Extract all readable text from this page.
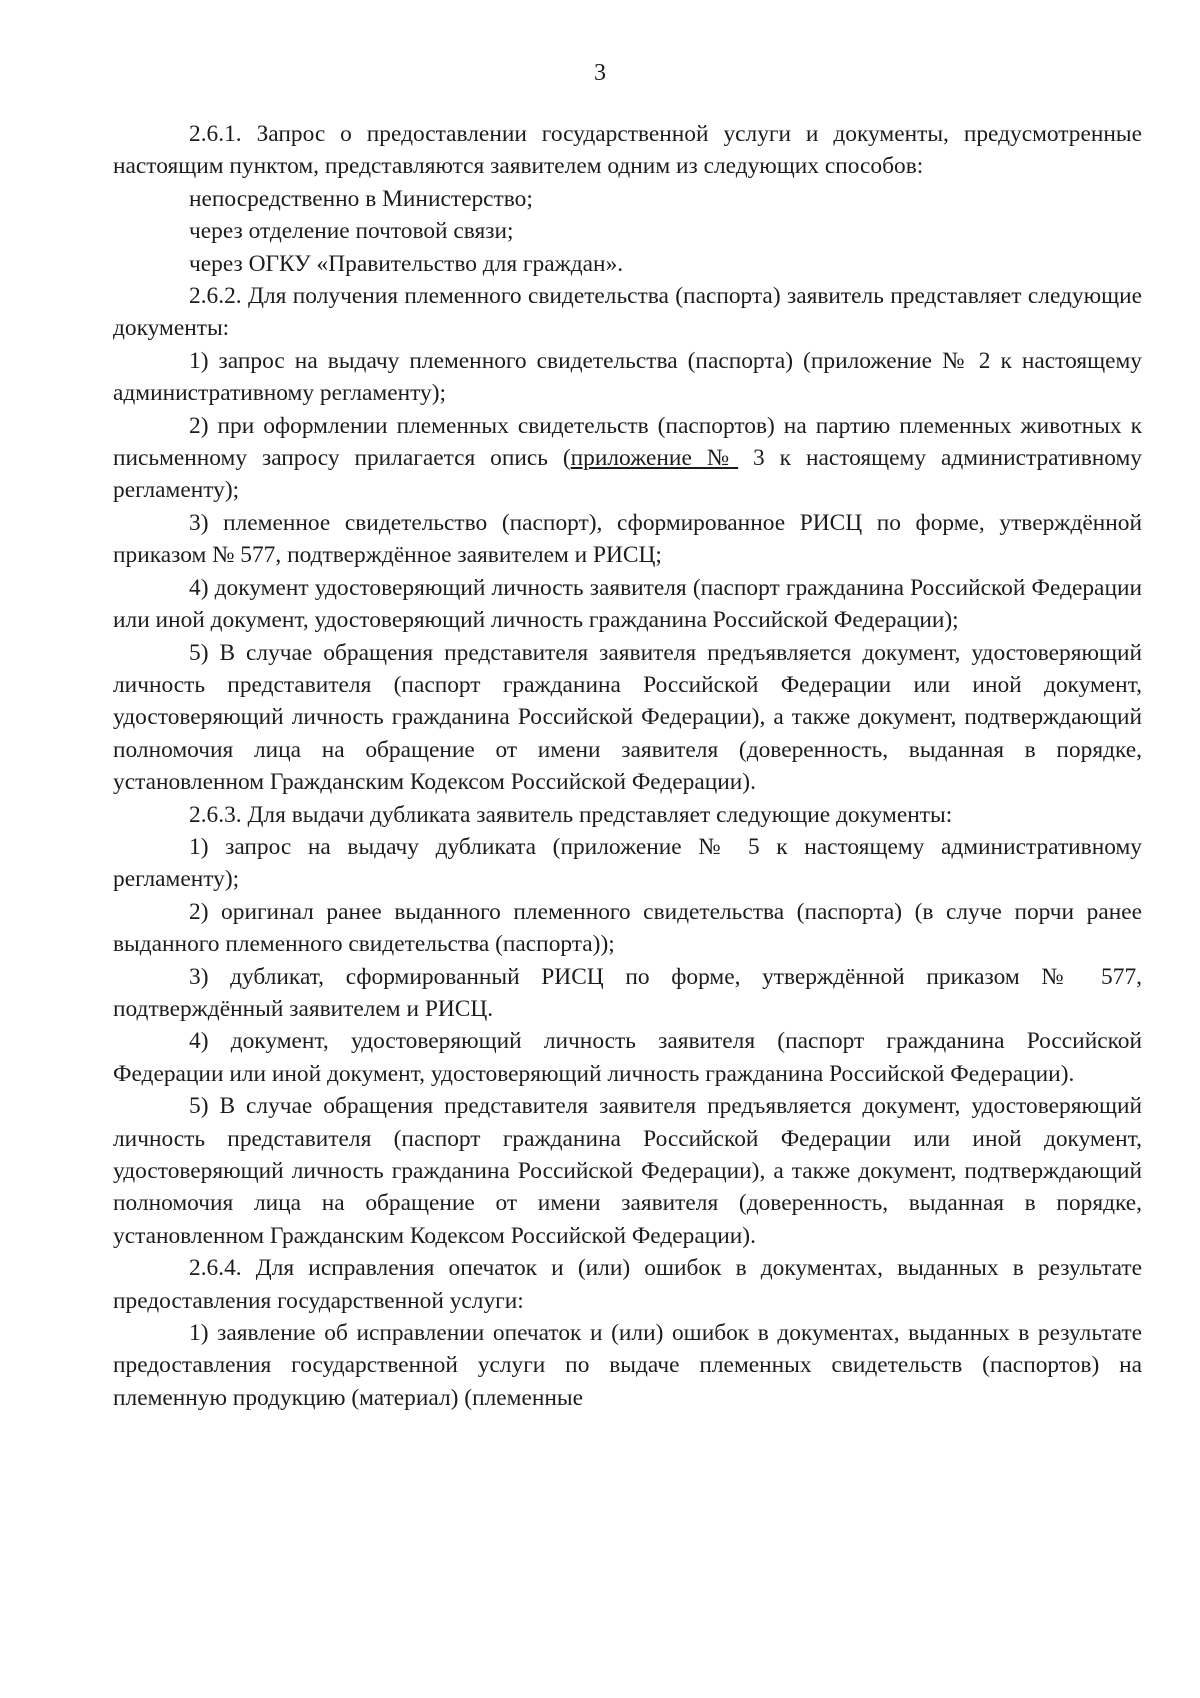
3

2.6.1. Запрос о предоставлении государственной услуги и документы, предусмотренные настоящим пунктом, представляются заявителем одним из следующих способов:

непосредственно в Министерство;

через отделение почтовой связи;

через ОГКУ «Правительство для граждан».

2.6.2. Для получения племенного свидетельства (паспорта) заявитель представляет следующие документы:

1) запрос на выдачу племенного свидетельства (паспорта) (приложение № 2 к настоящему административному регламенту);

2) при оформлении племенных свидетельств (паспортов) на партию племенных животных к письменному запросу прилагается опись (приложение № 3 к настоящему административному регламенту);

3) племенное свидетельство (паспорт), сформированное РИСЦ по форме, утверждённой приказом № 577, подтверждённое заявителем и РИСЦ;

4) документ удостоверяющий личность заявителя (паспорт гражданина Российской Федерации или иной документ, удостоверяющий личность гражданина Российской Федерации);

5) В случае обращения представителя заявителя предъявляется документ, удостоверяющий личность представителя (паспорт гражданина Российской Федерации или иной документ, удостоверяющий личность гражданина Российской Федерации), а также документ, подтверждающий полномочия лица на обращение от имени заявителя (доверенность, выданная в порядке, установленном Гражданским Кодексом Российской Федерации).

2.6.3. Для выдачи дубликата заявитель представляет следующие документы:

1) запрос на выдачу дубликата (приложение № 5 к настоящему административному регламенту);

2) оригинал ранее выданного племенного свидетельства (паспорта) (в случе порчи ранее выданного племенного свидетельства (паспорта));

3) дубликат, сформированный РИСЦ по форме, утверждённой приказом № 577, подтверждённый заявителем и РИСЦ.

4) документ, удостоверяющий личность заявителя (паспорт гражданина Российской Федерации или иной документ, удостоверяющий личность гражданина Российской Федерации).

5) В случае обращения представителя заявителя предъявляется документ, удостоверяющий личность представителя (паспорт гражданина Российской Федерации или иной документ, удостоверяющий личность гражданина Российской Федерации), а также документ, подтверждающий полномочия лица на обращение от имени заявителя (доверенность, выданная в порядке, установленном Гражданским Кодексом Российской Федерации).

2.6.4. Для исправления опечаток и (или) ошибок в документах, выданных в результате предоставления государственной услуги:

1) заявление об исправлении опечаток и (или) ошибок в документах, выданных в результате предоставления государственной услуги по выдаче племенных свидетельств (паспортов) на племенную продукцию (материал) (племенные
